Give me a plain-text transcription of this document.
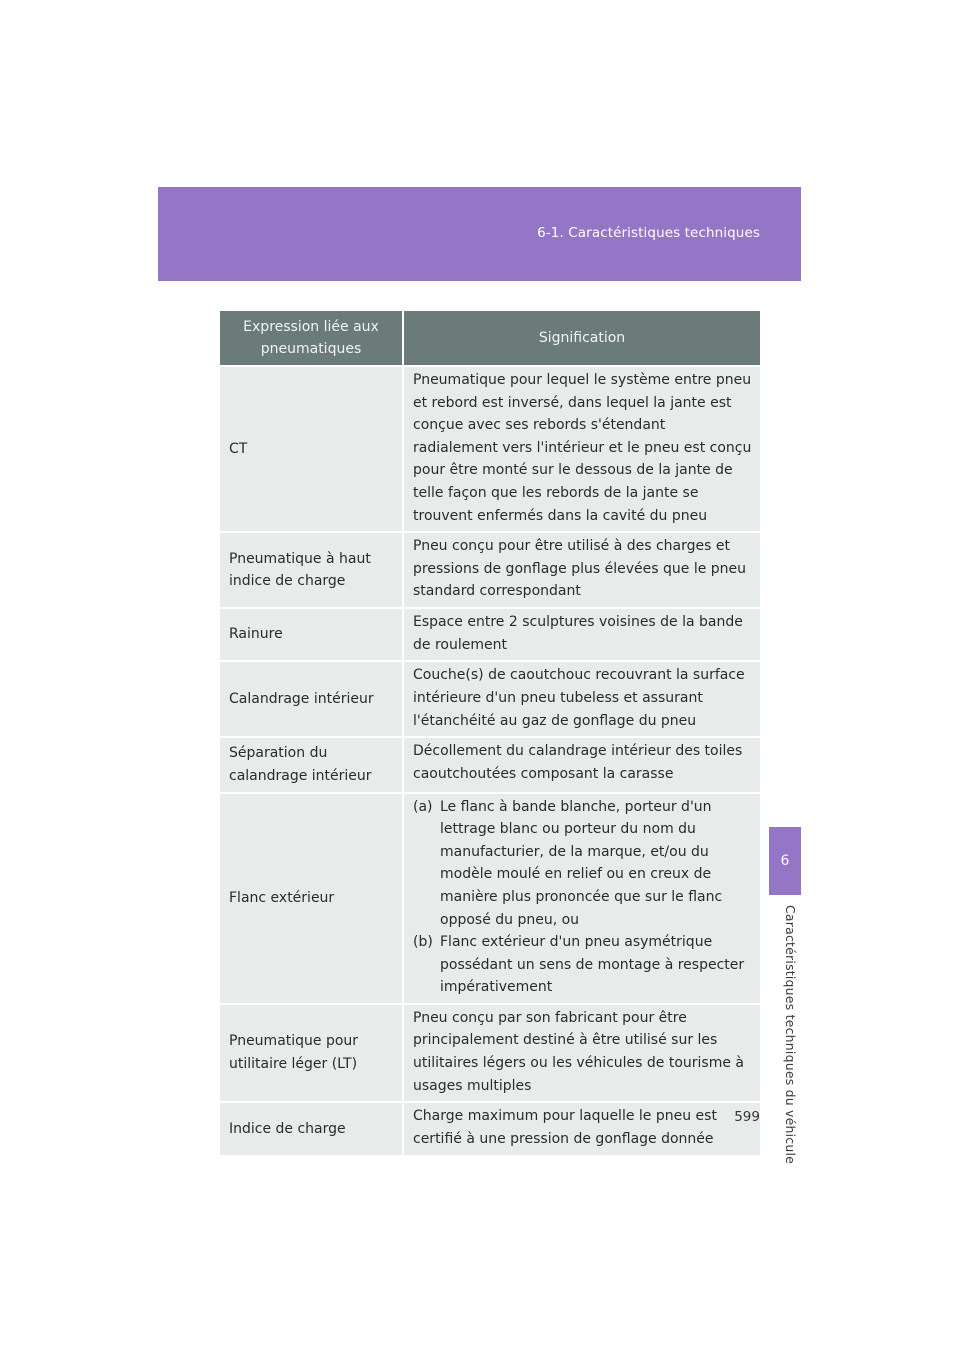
6-1. Caractéristiques techniques
6
Caractéristiques techniques du véhicule
Expression liée aux pneumatiques	Signification
CT	Pneumatique pour lequel le système entre pneu et rebord est inversé, dans lequel la jante est conçue avec ses rebords s'étendant radialement vers l'intérieur et le pneu est conçu pour être monté sur le dessous de la jante de telle façon que les rebords de la jante se trouvent enfermés dans la cavité du pneu
Pneumatique à haut indice de charge	Pneu conçu pour être utilisé à des charges et pressions de gonflage plus élevées que le pneu standard correspondant
Rainure	Espace entre 2 sculptures voisines de la bande de roulement
Calandrage intérieur	Couche(s) de caoutchouc recouvrant la surface intérieure d'un pneu tubeless et assurant l'étanchéité au gaz de gonflage du pneu
Séparation du calandrage intérieur	Décollement du calandrage intérieur des toiles caoutchoutées composant la carasse
Flanc extérieur	(a) Le flanc à bande blanche, porteur d'un lettrage blanc ou porteur du nom du manufacturier, de la marque, et/ou du modèle moulé en relief ou en creux de manière plus prononcée que sur le flanc opposé du pneu, ou
(b) Flanc extérieur d'un pneu asymétrique possédant un sens de montage à respecter impérativement

Pneumatique pour utilitaire léger (LT)	Pneu conçu par son fabricant pour être principalement destiné à être utilisé sur les utilitaires légers ou les véhicules de tourisme à usages multiples
Indice de charge	Charge maximum pour laquelle le pneu est certifié à une pression de gonflage donnée
599
